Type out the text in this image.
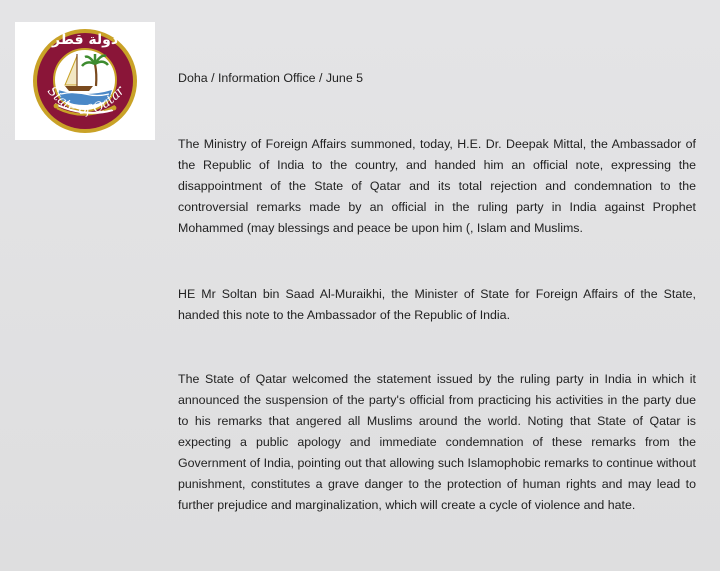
دولة قطر
State of Qatar

Doha / Information Office / June 5

The Ministry of Foreign Affairs summoned, today, H.E. Dr. Deepak Mittal, the Ambassador of the Republic of India to the country, and handed him an official note, expressing the disappointment of the State of Qatar and its total rejection and condemnation to the controversial remarks made by an official in the ruling party in India against Prophet Mohammed (may blessings and peace be upon him (, Islam and Muslims.

HE Mr Soltan bin Saad Al-Muraikhi, the Minister of State for Foreign Affairs of the State, handed this note to the Ambassador of the Republic of India.

The State of Qatar welcomed the statement issued by the ruling party in India in which it announced the suspension of the party's official from practicing his activities in the party due to his remarks that angered all Muslims around the world. Noting that State of Qatar is expecting a public apology and immediate condemnation of these remarks from the Government of India, pointing out that allowing such Islamophobic remarks to continue without punishment, constitutes a grave danger to the protection of human rights and may lead to further prejudice and marginalization, which will create a cycle of violence and hate.
